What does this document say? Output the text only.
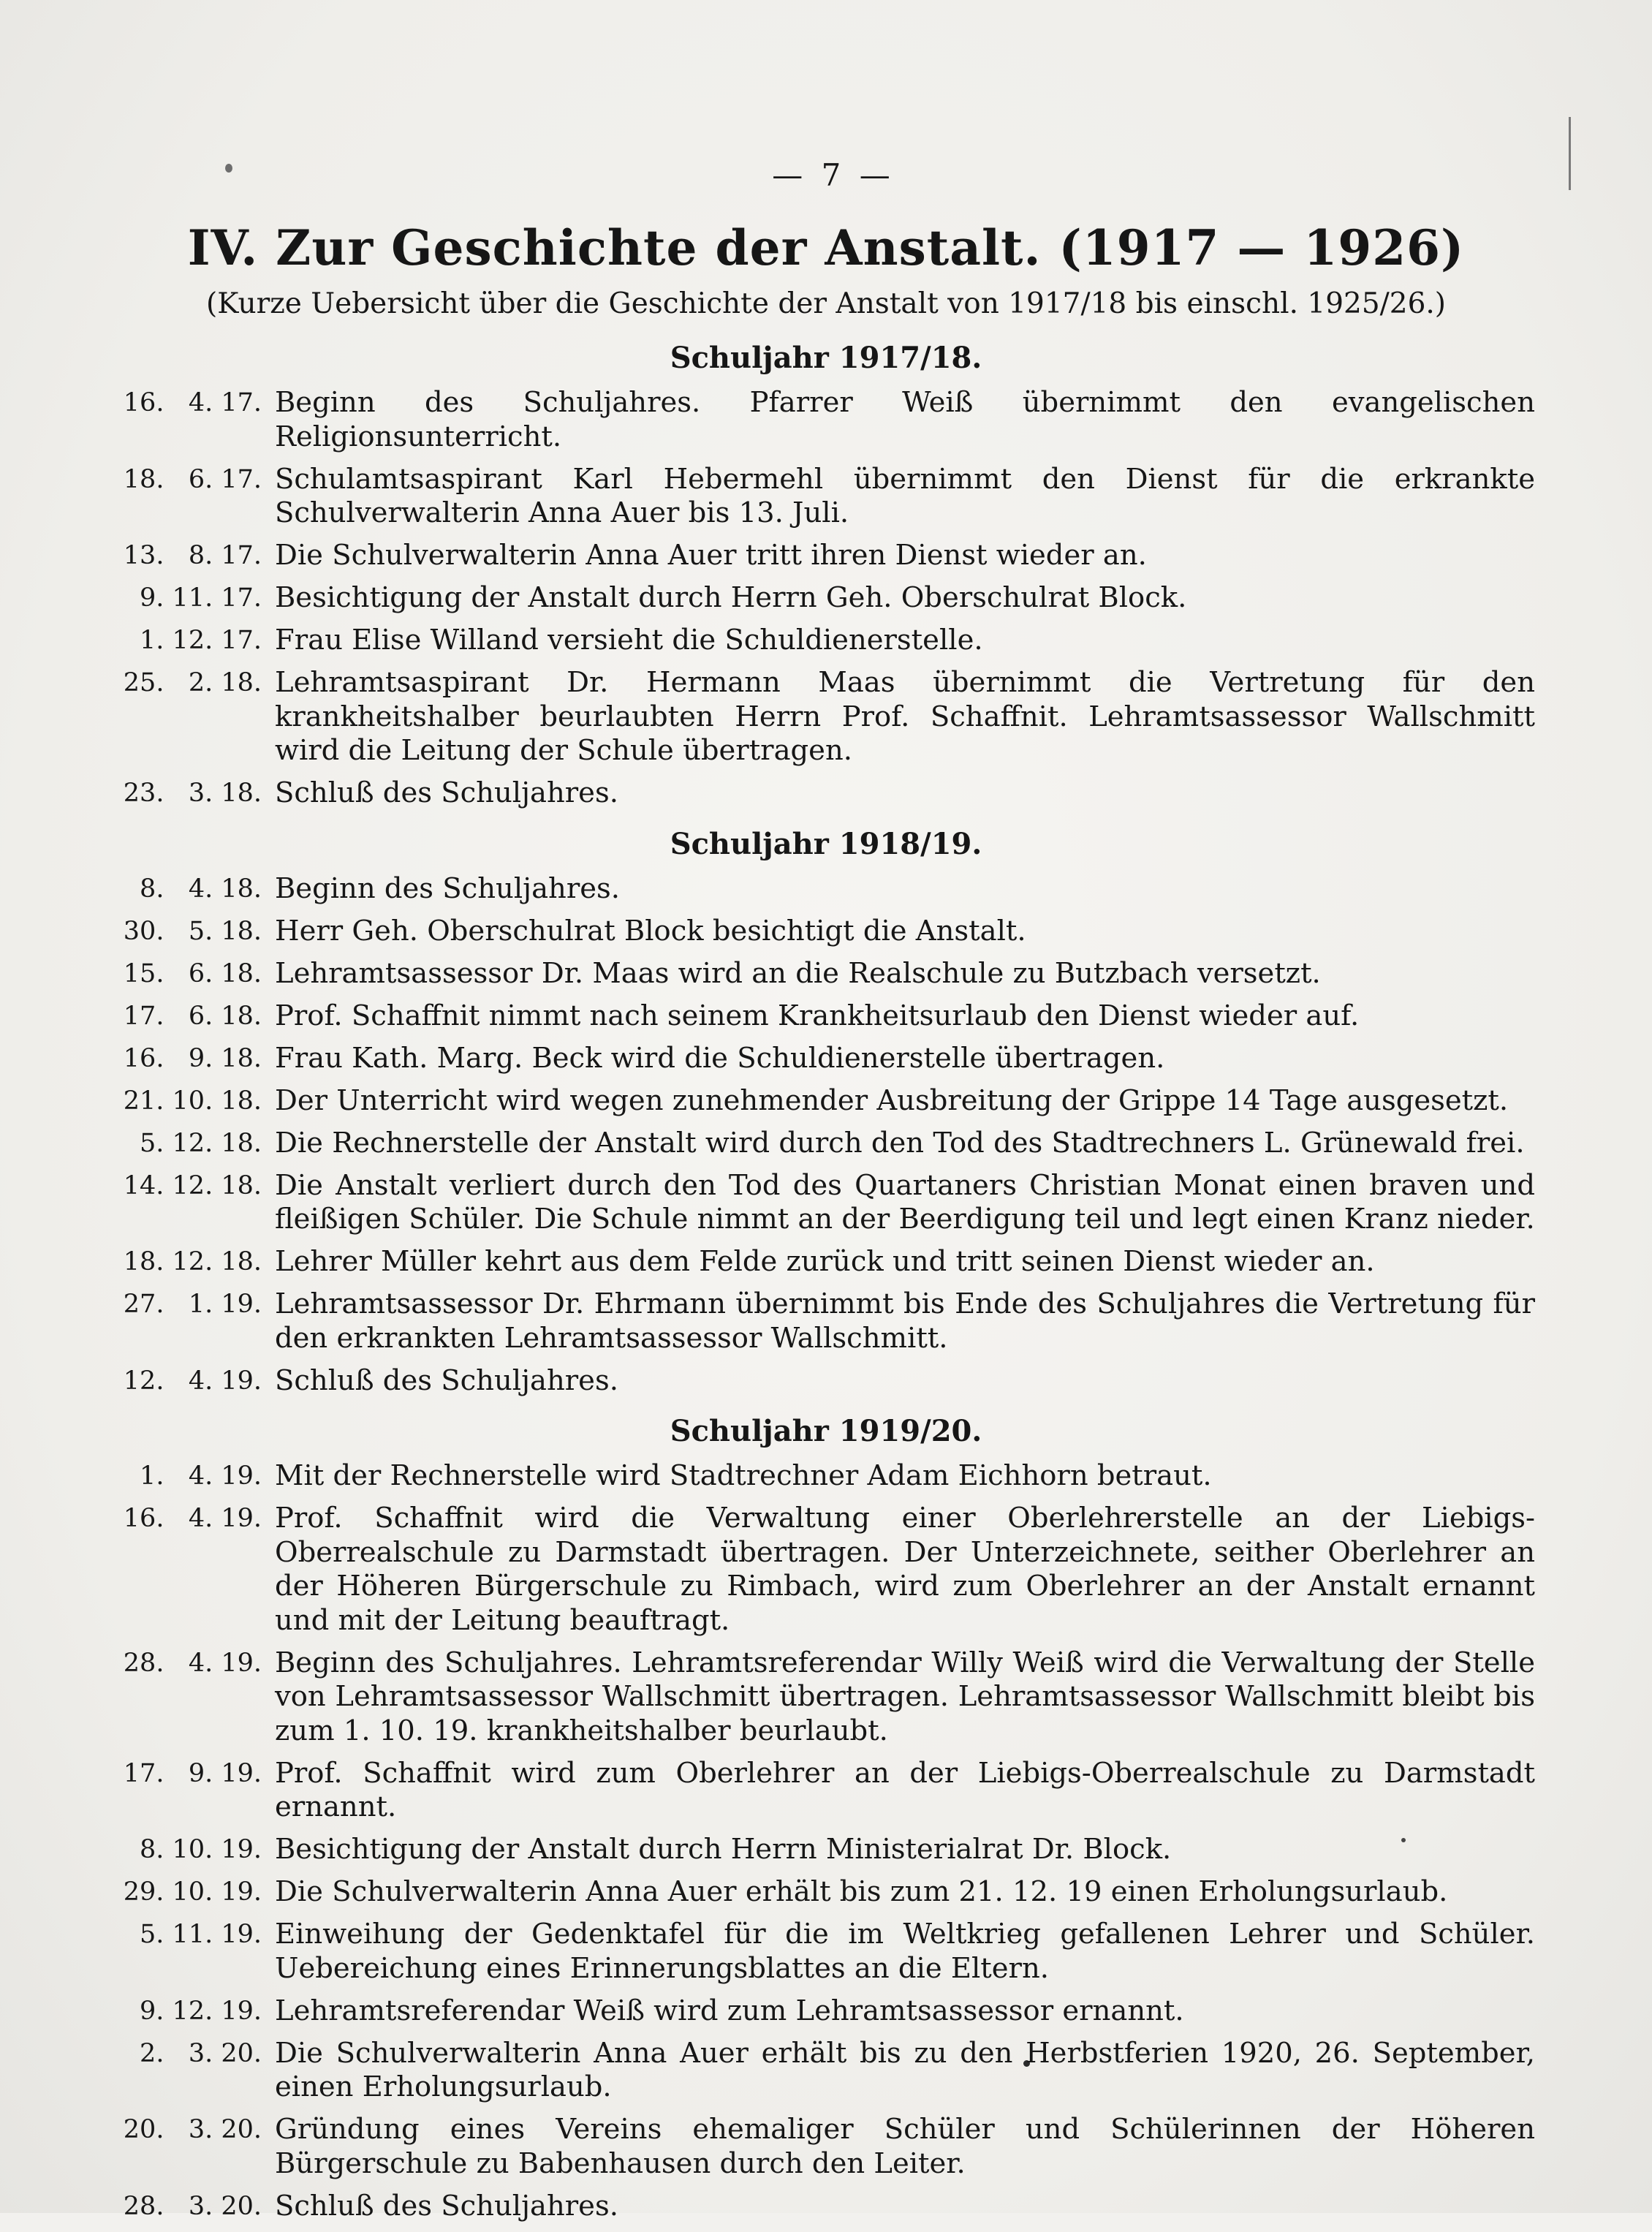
— 7 —
IV. Zur Geschichte der Anstalt. (1917 — 1926)
(Kurze Uebersicht über die Geschichte der Anstalt von 1917/18 bis einschl. 1925/26.)
Schuljahr 1917/18.
16.   4. 17. Beginn des Schuljahres. Pfarrer Weiß übernimmt den evangelischen Religionsunterricht.
18.   6. 17. Schulamtsaspirant Karl Hebermehl übernimmt den Dienst für die erkrankte Schulverwalterin Anna Auer bis 13. Juli.
13.   8. 17. Die Schulverwalterin Anna Auer tritt ihren Dienst wieder an.
9. 11. 17. Besichtigung der Anstalt durch Herrn Geh. Oberschulrat Block.
1. 12. 17. Frau Elise Willand versieht die Schuldienerstelle.
25.   2. 18. Lehramtsaspirant Dr. Hermann Maas übernimmt die Vertretung für den krankheitshalber beurlaubten Herrn Prof. Schaffnit. Lehramtsassessor Wallschmitt wird die Leitung der Schule übertragen.
23.   3. 18. Schluß des Schuljahres.
Schuljahr 1918/19.
8.   4. 18. Beginn des Schuljahres.
30.   5. 18. Herr Geh. Oberschulrat Block besichtigt die Anstalt.
15.   6. 18. Lehramtsassessor Dr. Maas wird an die Realschule zu Butzbach versetzt.
17.   6. 18. Prof. Schaffnit nimmt nach seinem Krankheitsurlaub den Dienst wieder auf.
16.   9. 18. Frau Kath. Marg. Beck wird die Schuldienerstelle übertragen.
21. 10. 18. Der Unterricht wird wegen zunehmender Ausbreitung der Grippe 14 Tage ausgesetzt.
5. 12. 18. Die Rechnerstelle der Anstalt wird durch den Tod des Stadtrechners L. Grünewald frei.
14. 12. 18. Die Anstalt verliert durch den Tod des Quartaners Christian Monat einen braven und fleißigen Schüler. Die Schule nimmt an der Beerdigung teil und legt einen Kranz nieder.
18. 12. 18. Lehrer Müller kehrt aus dem Felde zurück und tritt seinen Dienst wieder an.
27.   1. 19. Lehramtsassessor Dr. Ehrmann übernimmt bis Ende des Schuljahres die Vertretung für den erkrankten Lehramtsassessor Wallschmitt.
12.   4. 19. Schluß des Schuljahres.
Schuljahr 1919/20.
1.   4. 19. Mit der Rechnerstelle wird Stadtrechner Adam Eichhorn betraut.
16.   4. 19. Prof. Schaffnit wird die Verwaltung einer Oberlehrerstelle an der Liebigs-Oberrealschule zu Darmstadt übertragen. Der Unterzeichnete, seither Oberlehrer an der Höheren Bürgerschule zu Rimbach, wird zum Oberlehrer an der Anstalt ernannt und mit der Leitung beauftragt.
28.   4. 19. Beginn des Schuljahres. Lehramtsreferendar Willy Weiß wird die Verwaltung der Stelle von Lehramtsassessor Wallschmitt übertragen. Lehramtsassessor Wallschmitt bleibt bis zum 1. 10. 19. krankheitshalber beurlaubt.
17.   9. 19. Prof. Schaffnit wird zum Oberlehrer an der Liebigs-Oberrealschule zu Darmstadt ernannt.
8. 10. 19. Besichtigung der Anstalt durch Herrn Ministerialrat Dr. Block.
29. 10. 19. Die Schulverwalterin Anna Auer erhält bis zum 21. 12. 19 einen Erholungsurlaub.
5. 11. 19. Einweihung der Gedenktafel für die im Weltkrieg gefallenen Lehrer und Schüler. Uebereichung eines Erinnerungsblattes an die Eltern.
9. 12. 19. Lehramtsreferendar Weiß wird zum Lehramtsassessor ernannt.
2.   3. 20. Die Schulverwalterin Anna Auer erhält bis zu den Herbstferien 1920, 26. September, einen Erholungsurlaub.
20.   3. 20. Gründung eines Vereins ehemaliger Schüler und Schülerinnen der Höheren Bürgerschule zu Babenhausen durch den Leiter.
28.   3. 20. Schluß des Schuljahres.
